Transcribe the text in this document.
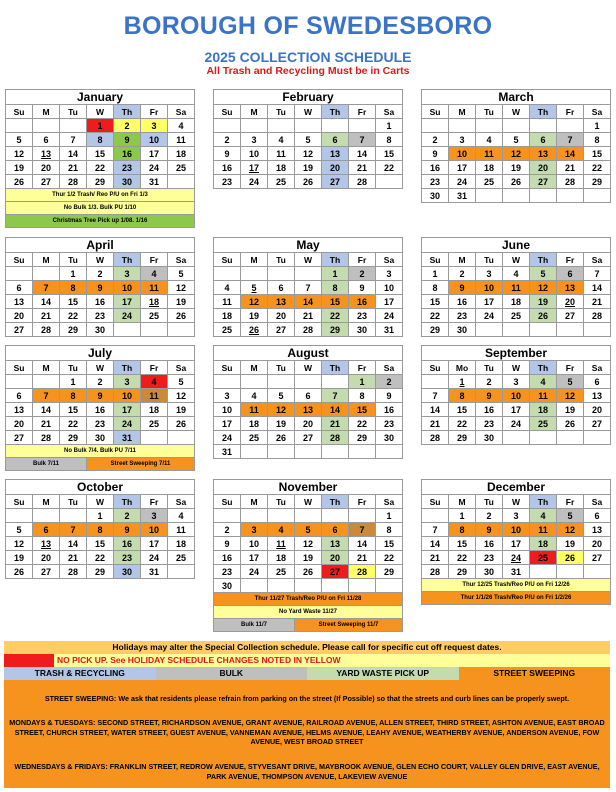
BOROUGH OF SWEDESBORO
2025 COLLECTION SCHEDULE
All Trash and Recycling Must be in Carts
January						
Su	M	Tu	W	Th	Fr	Sa
			1	2	3	4
5	6	7	8	9	10	11
12	13	14	15	16	17	18
19	20	21	22	23	24	25
26	27	28	29	30	31	
Thur 1/2 Trash/ Reo P/U on Fri 1/3						
No Bulk 1/3. Bulk PU 1/10						
Christmas Tree Pick up 1/08. 1/16						
February						
Su	M	Tu	W	Th	Fr	Sa
						1
2	3	4	5	6	7	8
9	10	11	12	13	14	15
16	17	18	19	20	21	22
23	24	25	26	27	28	
March						
Su	M	Tu	W	Th	Fr	Sa
						1
2	3	4	5	6	7	8
9	10	11	12	13	14	15
16	17	18	19	20	21	22
23	24	25	26	27	28	29
30	31					
April						
Su	M	Tu	W	Th	Fr	Sa
		1	2	3	4	5
6	7	8	9	10	11	12
13	14	15	16	17	18	19
20	21	22	23	24	25	26
27	28	29	30			
May						
Su	M	Tu	W	Th	Fr	Sa
				1	2	3
4	5	6	7	8	9	10
11	12	13	14	15	16	17
18	19	20	21	22	23	24
25	26	27	28	29	30	31
June						
Su	M	Tu	W	Th	Fr	Sa
1	2	3	4	5	6	7
8	9	10	11	12	13	14
15	16	17	18	19	20	21
22	23	24	25	26	27	28
29	30					
July						
Su	M	Tu	W	Th	Fr	Sa
		1	2	3	4	5
6	7	8	9	10	11	12
13	14	15	16	17	18	19
20	21	22	23	24	25	26
27	28	29	30	31		
No Bulk 7/4. Bulk PU 7/11						
Bulk 7/11			Street Sweeping 7/11			
August						
Su	M	Tu	W	Th	Fr	Sa
					1	2
3	4	5	6	7	8	9
10	11	12	13	14	15	16
17	18	19	20	21	22	23
24	25	26	27	28	29	30
31						
September						
Su	Mo	Tu	W	Th	Fr	Sa
	1	2	3	4	5	6
7	8	9	10	11	12	13
14	15	16	17	18	19	20
21	22	23	24	25	26	27
28	29	30				
October						
Su	M	Tu	W	Th	Fr	Sa
			1	2	3	4
5	6	7	8	9	10	11
12	13	14	15	16	17	18
19	20	21	22	23	24	25
26	27	28	29	30	31	
November						
Su	M	Tu	W	Th	Fr	Sa
						1
2	3	4	5	6	7	8
9	10	11	12	13	14	15
16	17	18	19	20	21	22
23	24	25	26	27	28	29
30						
Thur 11/27 Trash/Reo P/U on Fri 11/28						
No Yard Waste 11/27						
Bulk 11/7			Street Sweeping 11/7			
December						
Su	M	Tu	W	Th	Fr	Sa
	1	2	3	4	5	6
7	8	9	10	11	12	13
14	15	16	17	18	19	20
21	22	23	24	25	26	27
28	29	30	31			
Thur 12/25 Trash/Reo P/U on Fri 12/26						
Thur 1/1/26 Trash/Reo P/U on Fri 1/2/26						
Holidays may alter the Special Collection schedule. Please call for specific cut off request dates.
NO PICK UP. See HOLIDAY SCHEDULE CHANGES NOTED IN YELLOW
TRASH & RECYCLING	BULK	YARD WASTE PICK UP	STREET SWEEPING
STREET SWEEPING: We ask that residents please refrain from parking on the street (If Possible) so that the streets and curb lines can be properly swept.
MONDAYS & TUESDAYS: SECOND STREET, RICHARDSON AVENUE, GRANT AVENUE, RAILROAD AVENUE, ALLEN STREET, THIRD STREET, ASHTON AVENUE, EAST BROAD STREET, CHURCH STREET, WATER STREET, GUEST AVENUE, VANNEMAN AVENUE, HELMS AVENUE, LEAHY AVENUE, WEATHERBY AVENUE, ANDERSON AVENUE, FOW AVENUE, WEST BROAD STREET
WEDNESDAYS & FRIDAYS: FRANKLIN STREET, REDROW AVENUE, STYVESANT DRIVE, MAYBROOK AVENUE, GLEN ECHO COURT, VALLEY GLEN DRIVE, EAST AVENUE, PARK AVENUE, THOMPSON AVENUE, LAKEVIEW AVENUE
